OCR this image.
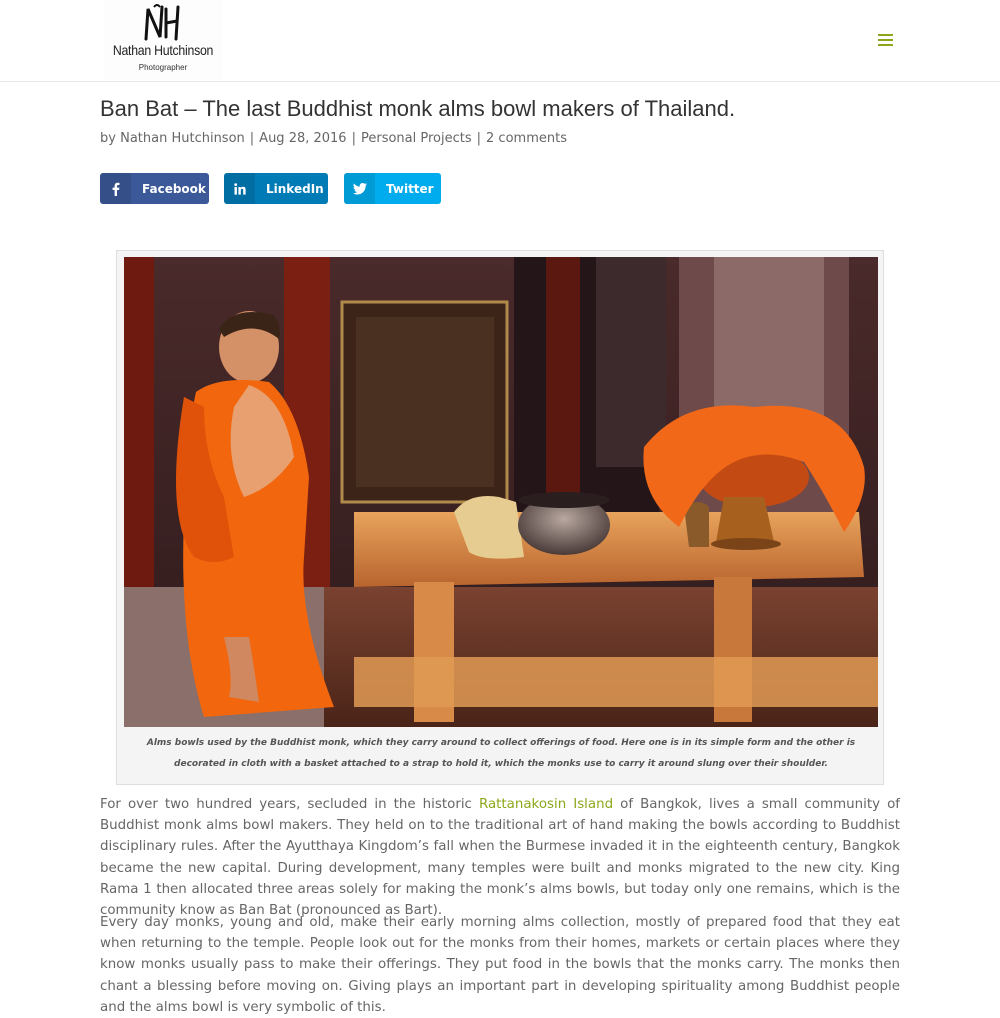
Nathan Hutchinson
Photographer
Ban Bat – The last Buddhist monk alms bowl makers of Thailand.
by Nathan Hutchinson | Aug 28, 2016 | Personal Projects | 2 comments
Facebook	LinkedIn	Twitter
Alms bowls used by the Buddhist monk, which they carry around to collect offerings of food. Here one is in its simple form and the other is decorated in cloth with a basket attached to a strap to hold it, which the monks use to carry it around slung over their shoulder.

For over two hundred years, secluded in the historic Rattanakosin Island of Bangkok, lives a small community of Buddhist monk alms bowl makers. They held on to the traditional art of hand making the bowls according to Buddhist disciplinary rules. After the Ayutthaya Kingdom’s fall when the Burmese invaded it in the eighteenth century, Bangkok became the new capital. During development, many temples were built and monks migrated to the new city. King Rama 1 then allocated three areas solely for making the monk’s alms bowls, but today only one remains, which is the community know as Ban Bat (pronounced as Bart).

Every day monks, young and old, make their early morning alms collection, mostly of prepared food that they eat when returning to the temple. People look out for the monks from their homes, markets or certain places where they know monks usually pass to make their offerings. They put food in the bowls that the monks carry. The monks then chant a blessing before moving on. Giving plays an important part in developing spirituality among Buddhist people and the alms bowl is very symbolic of this.
